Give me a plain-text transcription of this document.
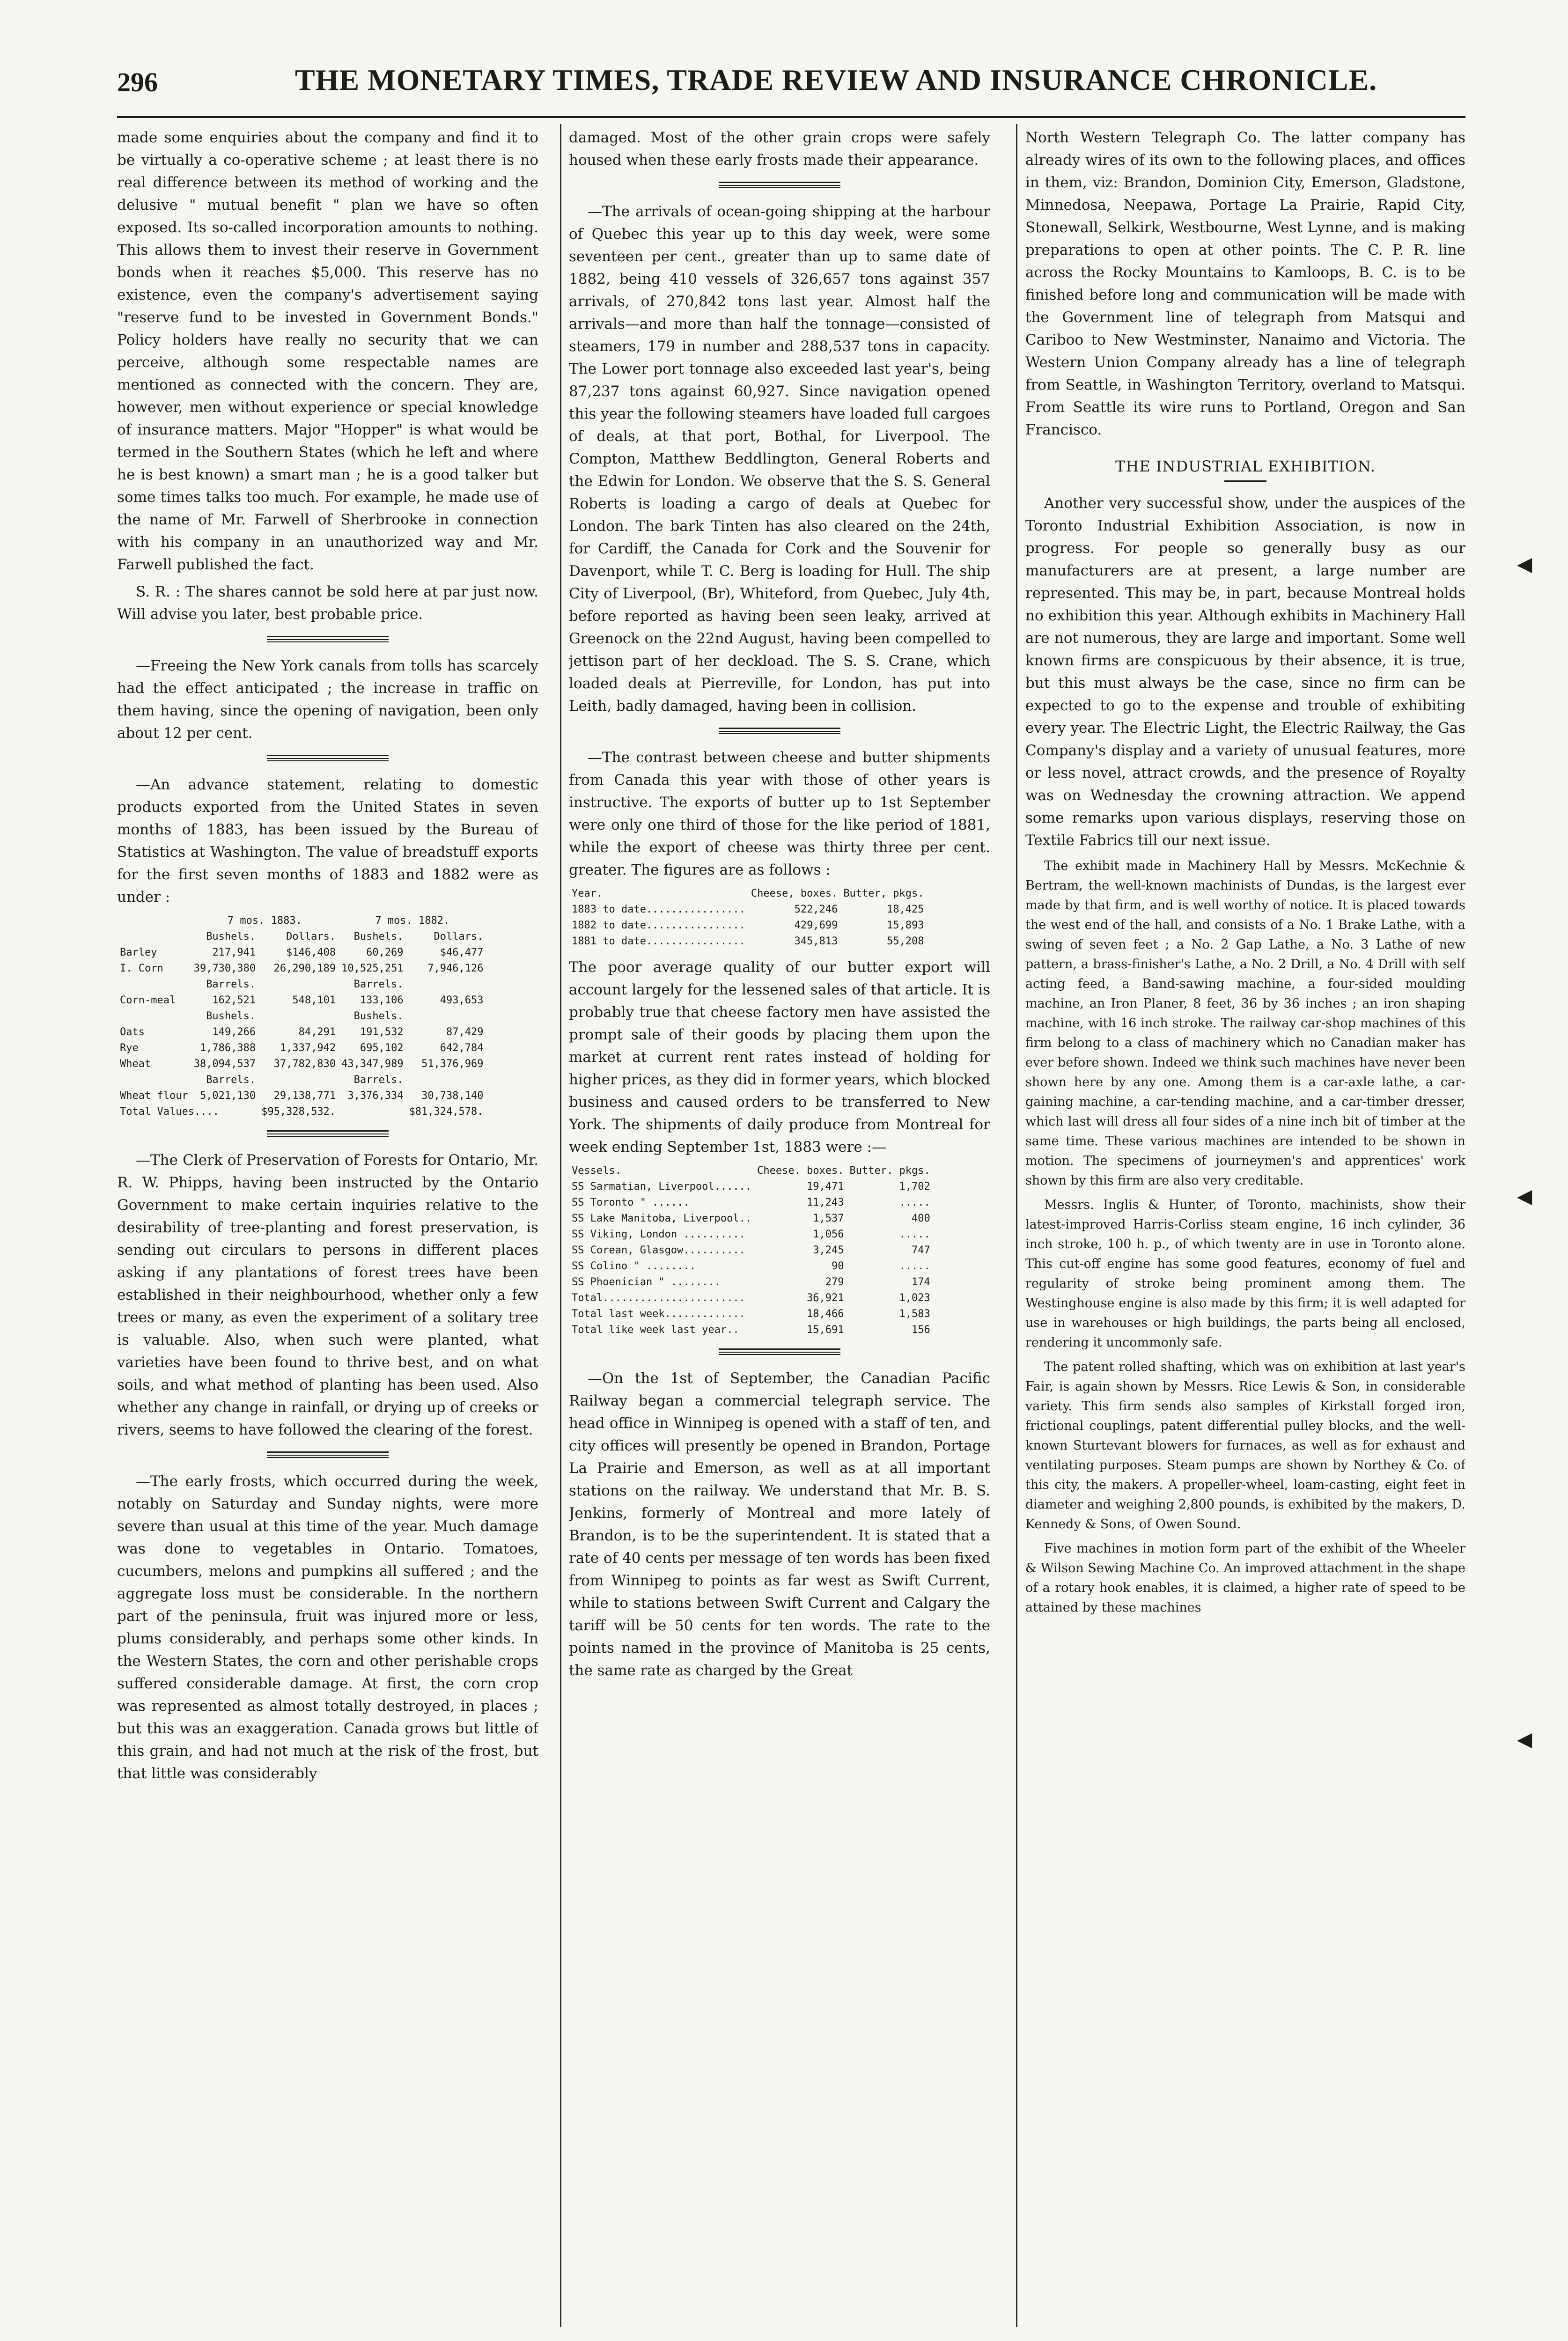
296	THE MONETARY TIMES, TRADE REVIEW AND INSURANCE CHRONICLE.

made some enquiries about the company and find it to be virtually a co-operative scheme ; at least there is no real difference between its method of working and the delusive " mutual benefit " plan we have so often exposed. Its so-called incorporation amounts to nothing. This allows them to invest their reserve in Government bonds when it reaches $5,000. This reserve has no existence, even the company's advertisement saying "reserve fund to be invested in Government Bonds." Policy holders have really no security that we can perceive, although some respectable names are mentioned as connected with the concern. They are, however, men without experience or special knowledge of insurance matters. Major "Hopper" is what would be termed in the Southern States (which he left and where he is best known) a smart man ; he is a good talker but some times talks too much. For example, he made use of the name of Mr. Farwell of Sherbrooke in connection with his company in an unauthorized way and Mr. Farwell published the fact.

S. R. : The shares cannot be sold here at par just now. Will advise you later, best probable price.

—Freeing the New York canals from tolls has scarcely had the effect anticipated ; the increase in traffic on them having, since the opening of navigation, been only about 12 per cent.

—An advance statement, relating to domestic products exported from the United States in seven months of 1883, has been issued by the Bureau of Statistics at Washington. The value of breadstuff exports for the first seven months of 1883 and 1882 were as under :

	7 mos. 1883.		7 mos. 1882.	
	Bushels.	Dollars.	Bushels.	Dollars.
Barley	217,941	$146,408	60,269	$46,477
I. Corn	39,730,380	26,290,189	10,525,251	7,946,126
	Barrels.		Barrels.	
Corn-meal	162,521	548,101	133,106	493,653
	Bushels.		Bushels.	
Oats	149,266	84,291	191,532	87,429
Rye	1,786,388	1,337,942	695,102	642,784
Wheat	38,094,537	37,782,830	43,347,989	51,376,969
	Barrels.		Barrels.	
Wheat flour	5,021,130	29,138,771	3,376,334	30,738,140
Total Values....		$95,328,532.		$81,324,578.

—The Clerk of Preservation of Forests for Ontario, Mr. R. W. Phipps, having been instructed by the Ontario Government to make certain inquiries relative to the desirability of tree-planting and forest preservation, is sending out circulars to persons in different places asking if any plantations of forest trees have been established in their neighbourhood, whether only a few trees or many, as even the experiment of a solitary tree is valuable. Also, when such were planted, what varieties have been found to thrive best, and on what soils, and what method of planting has been used. Also whether any change in rainfall, or drying up of creeks or rivers, seems to have followed the clearing of the forest.

—The early frosts, which occurred during the week, notably on Saturday and Sunday nights, were more severe than usual at this time of the year. Much damage was done to vegetables in Ontario. Tomatoes, cucumbers, melons and pumpkins all suffered ; and the aggregate loss must be considerable. In the northern part of the peninsula, fruit was injured more or less, plums considerably, and perhaps some other kinds. In the Western States, the corn and other perishable crops suffered considerable damage. At first, the corn crop was represented as almost totally destroyed, in places ; but this was an exaggeration. Canada grows but little of this grain, and had not much at the risk of the frost, but that little was considerably

damaged. Most of the other grain crops were safely housed when these early frosts made their appearance.

—The arrivals of ocean-going shipping at the harbour of Quebec this year up to this day week, were some seventeen per cent., greater than up to same date of 1882, being 410 vessels of 326,657 tons against 357 arrivals, of 270,842 tons last year. Almost half the arrivals—and more than half the tonnage—consisted of steamers, 179 in number and 288,537 tons in capacity. The Lower port tonnage also exceeded last year's, being 87,237 tons against 60,927. Since navigation opened this year the following steamers have loaded full cargoes of deals, at that port, Bothal, for Liverpool. The Compton, Matthew Beddlington, General Roberts and the Edwin for London. We observe that the S. S. General Roberts is loading a cargo of deals at Quebec for London. The bark Tinten has also cleared on the 24th, for Cardiff, the Canada for Cork and the Souvenir for Davenport, while T. C. Berg is loading for Hull. The ship City of Liverpool, (Br), Whiteford, from Quebec, July 4th, before reported as having been seen leaky, arrived at Greenock on the 22nd August, having been compelled to jettison part of her deckload. The S. S. Crane, which loaded deals at Pierreville, for London, has put into Leith, badly damaged, having been in collision.

—The contrast between cheese and butter shipments from Canada this year with those of other years is instructive. The exports of butter up to 1st September were only one third of those for the like period of 1881, while the export of cheese was thirty three per cent. greater. The figures are as follows :

Year.	Cheese, boxes.	Butter, pkgs.
1883 to date................	522,246	18,425
1882 to date................	429,699	15,893
1881 to date................	345,813	55,208

The poor average quality of our butter export will account largely for the lessened sales of that article. It is probably true that cheese factory men have assisted the prompt sale of their goods by placing them upon the market at current rent rates instead of holding for higher prices, as they did in former years, which blocked business and caused orders to be transferred to New York. The shipments of daily produce from Montreal for week ending September 1st, 1883 were :—

Vessels.	Cheese. boxes.	Butter. pkgs.
SS Sarmatian, Liverpool......	19,471	1,702
SS Toronto " ......	11,243	.....
SS Lake Manitoba, Liverpool..	1,537	400
SS Viking, London ..........	1,056	.....
SS Corean, Glasgow..........	3,245	747
SS Colino " ........	90	.....
SS Phoenician " ........	279	174
Total.......................	36,921	1,023
Total last week.............	18,466	1,583
Total like week last year..	15,691	156

—On the 1st of September, the Canadian Pacific Railway began a commercial telegraph service. The head office in Winnipeg is opened with a staff of ten, and city offices will presently be opened in Brandon, Portage La Prairie and Emerson, as well as at all important stations on the railway. We understand that Mr. B. S. Jenkins, formerly of Montreal and more lately of Brandon, is to be the superintendent. It is stated that a rate of 40 cents per message of ten words has been fixed from Winnipeg to points as far west as Swift Current, while to stations between Swift Current and Calgary the tariff will be 50 cents for ten words. The rate to the points named in the province of Manitoba is 25 cents, the same rate as charged by the Great

North Western Telegraph Co. The latter company has already wires of its own to the following places, and offices in them, viz: Brandon, Dominion City, Emerson, Gladstone, Minnedosa, Neepawa, Portage La Prairie, Rapid City, Stonewall, Selkirk, Westbourne, West Lynne, and is making preparations to open at other points. The C. P. R. line across the Rocky Mountains to Kamloops, B. C. is to be finished before long and communication will be made with the Government line of telegraph from Matsqui and Cariboo to New Westminster, Nanaimo and Victoria. The Western Union Company already has a line of telegraph from Seattle, in Washington Territory, overland to Matsqui. From Seattle its wire runs to Portland, Oregon and San Francisco.

THE INDUSTRIAL EXHIBITION.

Another very successful show, under the auspices of the Toronto Industrial Exhibition Association, is now in progress. For people so generally busy as our manufacturers are at present, a large number are represented. This may be, in part, because Montreal holds no exhibition this year. Although exhibits in Machinery Hall are not numerous, they are large and important. Some well known firms are conspicuous by their absence, it is true, but this must always be the case, since no firm can be expected to go to the expense and trouble of exhibiting every year. The Electric Light, the Electric Railway, the Gas Company's display and a variety of unusual features, more or less novel, attract crowds, and the presence of Royalty was on Wednesday the crowning attraction. We append some remarks upon various displays, reserving those on Textile Fabrics till our next issue.

The exhibit made in Machinery Hall by Messrs. McKechnie & Bertram, the well-known machinists of Dundas, is the largest ever made by that firm, and is well worthy of notice. It is placed towards the west end of the hall, and consists of a No. 1 Brake Lathe, with a swing of seven feet ; a No. 2 Gap Lathe, a No. 3 Lathe of new pattern, a brass-finisher's Lathe, a No. 2 Drill, a No. 4 Drill with self acting feed, a Band-sawing machine, a four-sided moulding machine, an Iron Planer, 8 feet, 36 by 36 inches ; an iron shaping machine, with 16 inch stroke. The railway car-shop machines of this firm belong to a class of machinery which no Canadian maker has ever before shown. Indeed we think such machines have never been shown here by any one. Among them is a car-axle lathe, a car-gaining machine, a car-tending machine, and a car-timber dresser, which last will dress all four sides of a nine inch bit of timber at the same time. These various machines are intended to be shown in motion. The specimens of journeymen's and apprentices' work shown by this firm are also very creditable.

Messrs. Inglis & Hunter, of Toronto, machinists, show their latest-improved Harris-Corliss steam engine, 16 inch cylinder, 36 inch stroke, 100 h. p., of which twenty are in use in Toronto alone. This cut-off engine has some good features, economy of fuel and regularity of stroke being prominent among them. The Westinghouse engine is also made by this firm; it is well adapted for use in warehouses or high buildings, the parts being all enclosed, rendering it uncommonly safe.

The patent rolled shafting, which was on exhibition at last year's Fair, is again shown by Messrs. Rice Lewis & Son, in considerable variety. This firm sends also samples of Kirkstall forged iron, frictional couplings, patent differential pulley blocks, and the well-known Sturtevant blowers for furnaces, as well as for exhaust and ventilating purposes. Steam pumps are shown by Northey & Co. of this city, the makers. A propeller-wheel, loam-casting, eight feet in diameter and weighing 2,800 pounds, is exhibited by the makers, D. Kennedy & Sons, of Owen Sound.

Five machines in motion form part of the exhibit of the Wheeler & Wilson Sewing Machine Co. An improved attachment in the shape of a rotary hook enables, it is claimed, a higher rate of speed to be attained by these machines

◀
◀
◀
